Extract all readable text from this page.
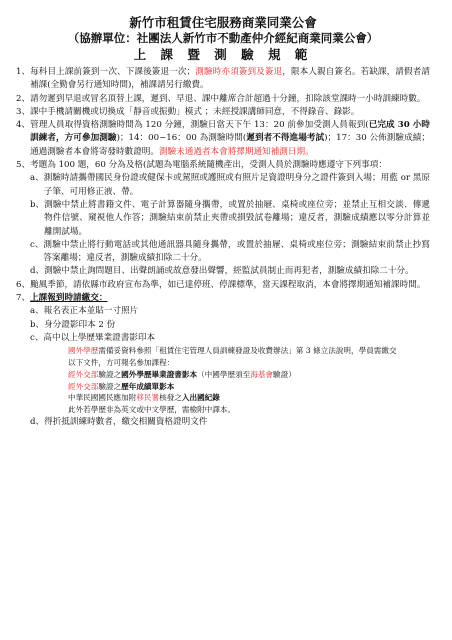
新竹市租賃住宅服務商業同業公會
（協辦單位：社團法人新竹市不動產仲介經紀商業同業公會）
上 課 暨 測 驗 規 範
1、 每科目上課前簽到一次、下課後簽退一次；測驗時亦須簽到及簽退，限本人親自簽名。若缺課，請假者請補課(全勤會另行通知時間)，補課請另行繳費。
2、 請勿遲到早退或冒名頂替上課，遲到、早退、課中離席合計超過十分鐘，扣除該堂課時一小時訓練時數。
3、 課中手機請關機或切換成「靜音或振動」模式 ；未經授課講師同意，不得錄音、錄影。
4、 管理人員取得資格測驗時間為 120 分鐘，測驗日當天下午 13：20 前參加受測人員報到(已完成 30 小時訓練者，方可參加測驗)；14：00~16：00 為測驗時間(遲到者不得進場考試)；17：30 公佈測驗成績；通過測驗者本會將寄發時數證明。測驗未通過者本會將擇期通知補測日期。
5、 考題為 100 題，60 分為及格(試題為電腦系統隨機產出，受測人員於測驗時應遵守下列事項：
a、 測驗時請攜帶國民身份證或健保卡或駕照或護照或有照片足資證明身分之證件簽到入場；用藍 or 黑原子筆、可用修正液、帶。
b、 測驗中禁止將書籍文件、電子計算器隨身攜帶，或置於抽屜、桌椅或座位旁；並禁止互相交談、傳遞物件信號、窺視他人作答；測驗結束前禁止夾帶或損毀試卷離場；違反者，測驗成績應以零分計算並離開試場。
c、 測驗中禁止將行動電話或其他通訊器具隨身攜帶，或置於抽屜、桌椅或座位旁；測驗結束前禁止抄寫答案離場；違反者，測驗成績扣除二十分。
d、 測驗中禁止詢問題目、出聲朗誦或故意發出聲響，經監試員制止而再犯者，測驗成績扣除二十分。
6、 颱風季節，請依縣市政府宣布為準，如已達停班、停課標準，當天課程取消，本會將擇期通知補課時間。
7、 上課報到時請繳交：
a、 報名表正本並貼一寸照片
b、 身分證影印本 2 份
c、 高中以上學歷畢業證書影印本
國外學歷需備妥資料參照「租賃住宅管理人員訓練發證及收費辦法」第 3 條立法說明，學員需繳交
以下文件，方可報名參加課程：
經外交部驗證之國外學歷畢業證書影本（中國學歷須至海基會驗證）
經外交部驗證之歷年成績單影本
中華民國國民應加附移民署核發之入出國紀錄
此外若學歷非為英文或中文學歷，需檢附中譯本。
d、 得折抵訓練時數者，繳交相關資格證明文件
